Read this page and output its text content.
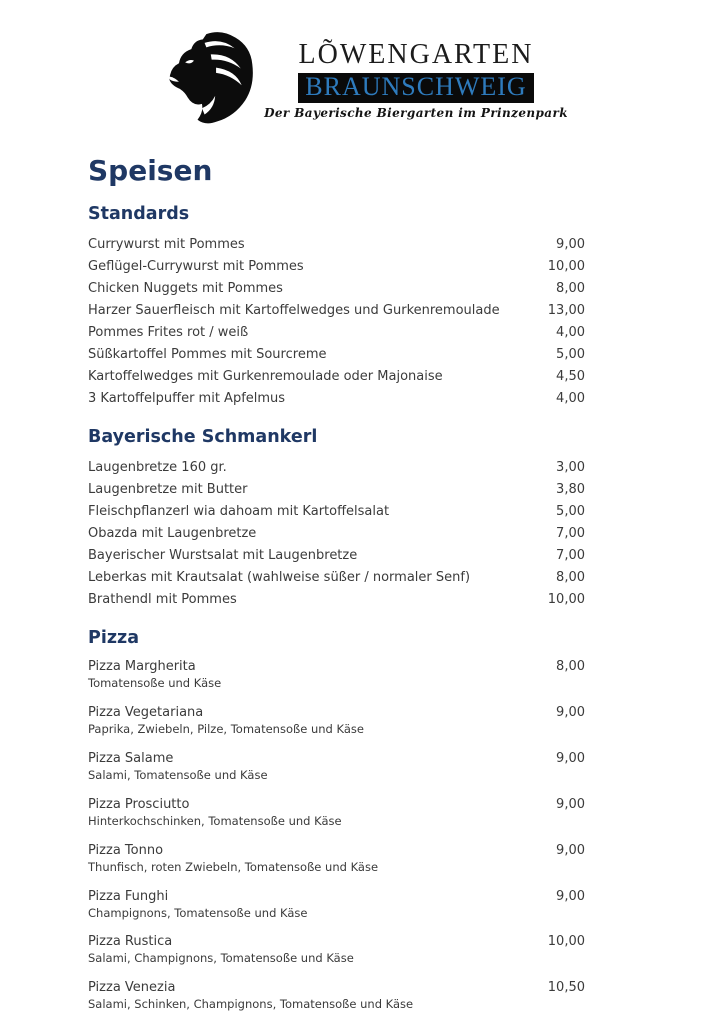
LÕWENGARTEN
BRAUNSCHWEIG
Der Bayerische Biergarten im Prinzenpark
Speisen
Standards
Currywurst mit Pommes	9,00
Geflügel-Currywurst mit Pommes	10,00
Chicken Nuggets mit Pommes	8,00
Harzer Sauerfleisch mit Kartoffelwedges und Gurkenremoulade	13,00
Pommes Frites rot / weiß	4,00
Süßkartoffel Pommes mit Sourcreme	5,00
Kartoffelwedges mit Gurkenremoulade oder Majonaise	4,50
3 Kartoffelpuffer mit Apfelmus	4,00
Bayerische Schmankerl
Laugenbretze 160 gr.	3,00
Laugenbretze mit Butter	3,80
Fleischpflanzerl wia dahoam mit Kartoffelsalat	5,00
Obazda mit Laugenbretze	7,00
Bayerischer Wurstsalat mit Laugenbretze	7,00
Leberkas mit Krautsalat (wahlweise süßer / normaler Senf)	8,00
Brathendl mit Pommes	10,00
Pizza
Pizza Margherita	8,00
Tomatensoße und Käse
Pizza Vegetariana	9,00
Paprika, Zwiebeln, Pilze, Tomatensoße und Käse
Pizza Salame	9,00
Salami, Tomatensoße und Käse
Pizza Prosciutto	9,00
Hinterkochschinken, Tomatensoße und Käse
Pizza Tonno	9,00
Thunfisch, roten Zwiebeln, Tomatensoße und Käse
Pizza Funghi	9,00
Champignons, Tomatensoße und Käse
Pizza Rustica	10,00
Salami, Champignons, Tomatensoße und Käse
Pizza Venezia	10,50
Salami, Schinken, Champignons, Tomatensoße und Käse
